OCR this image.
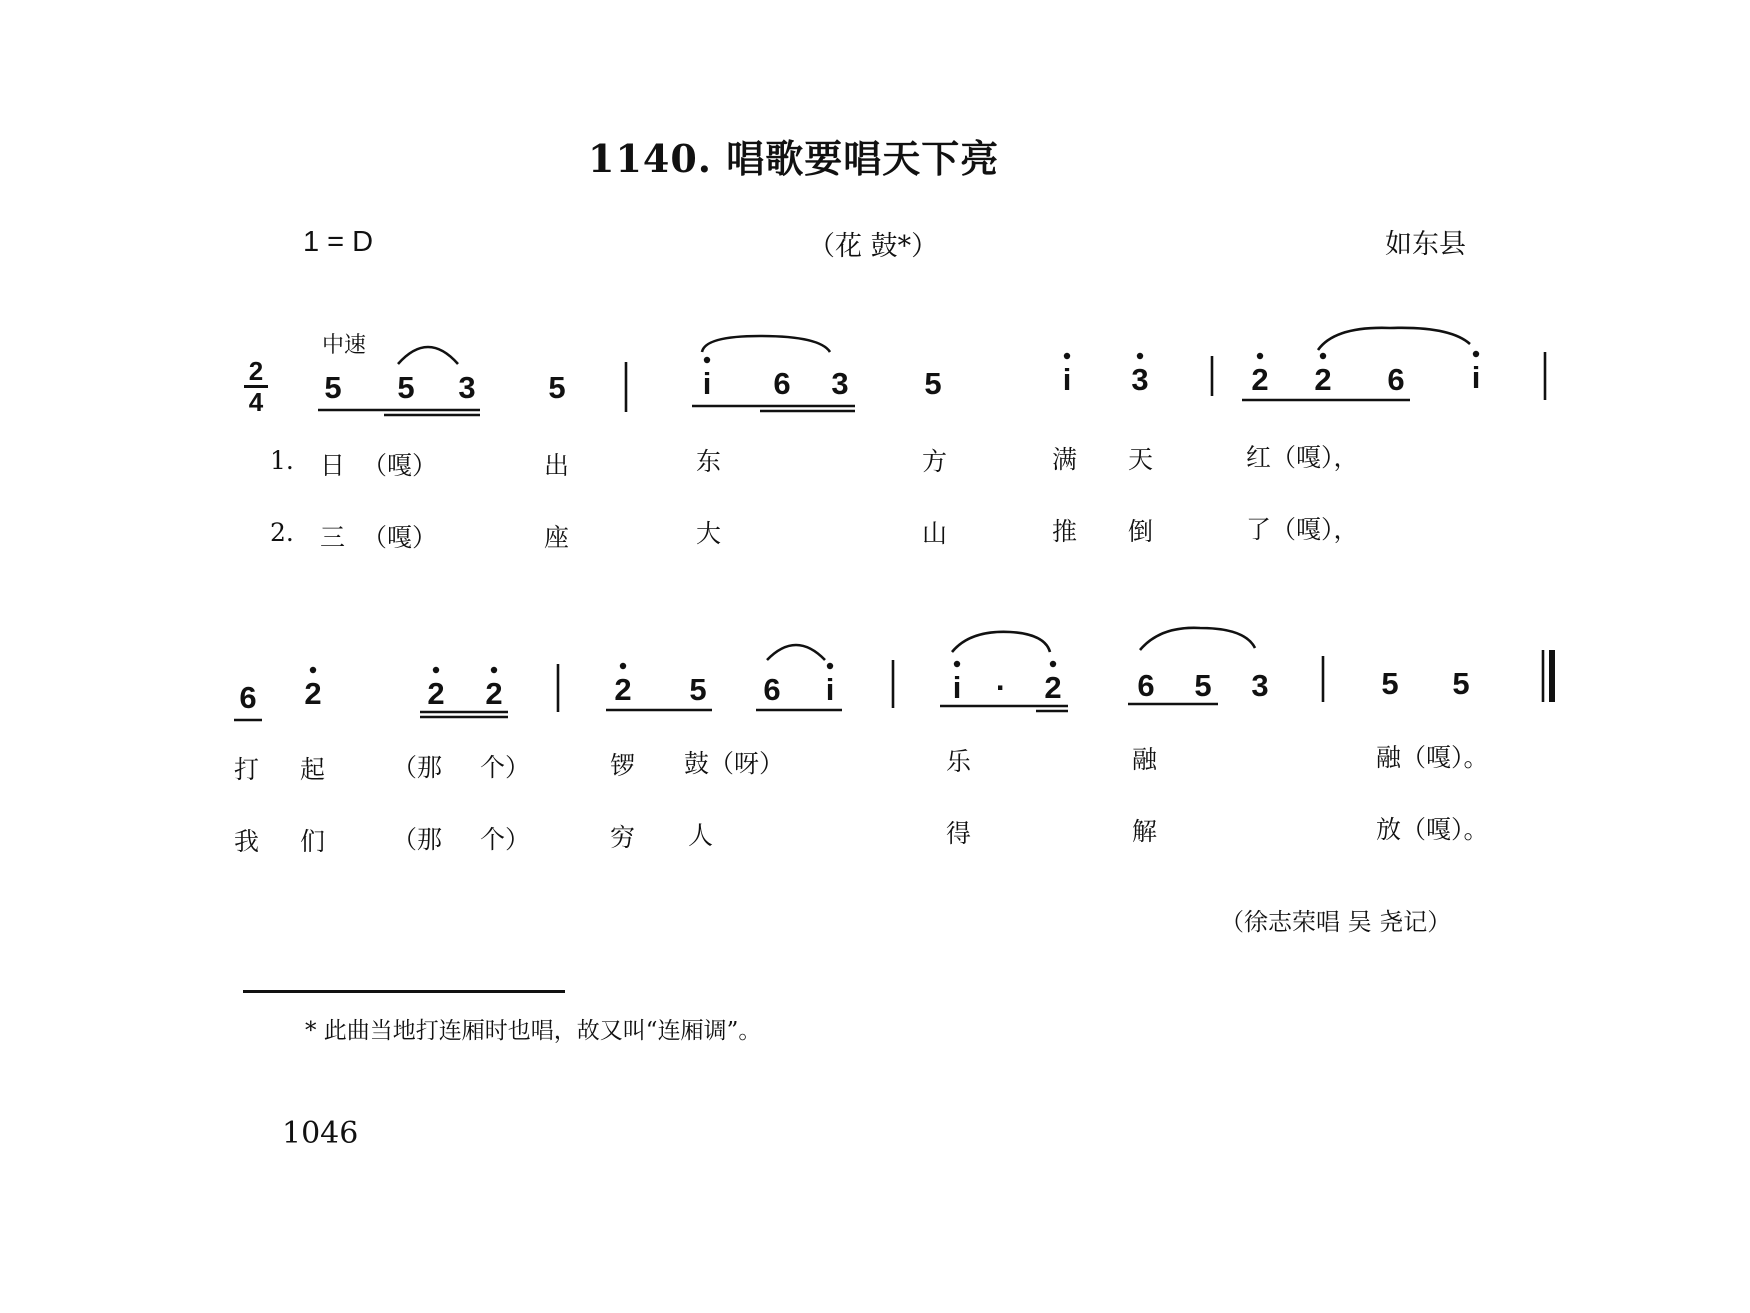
1140. 唱歌要唱天下亮
1 = D	（花 鼓*）	如东县
中速
2
4 5 5 3 5	i	6 3 5	i	3	2 2 6	i
1. 日 （嘎）	出	东	方	满 天	红（嘎），
2. 三 （嘎）	座	大	山	推 倒	了（嘎），
6 2	2 2	2 5 6	i	i	·	2 6 5 3	5 5
打 起	（那 个）	锣 鼓（呀）	乐	融	融（嘎）。
我 们	（那 个）	穷 人	得	解	放（嘎）。
（徐志荣唱 吴 尧记）
* 此曲当地打连厢时也唱，故又叫“连厢调”。
1046
